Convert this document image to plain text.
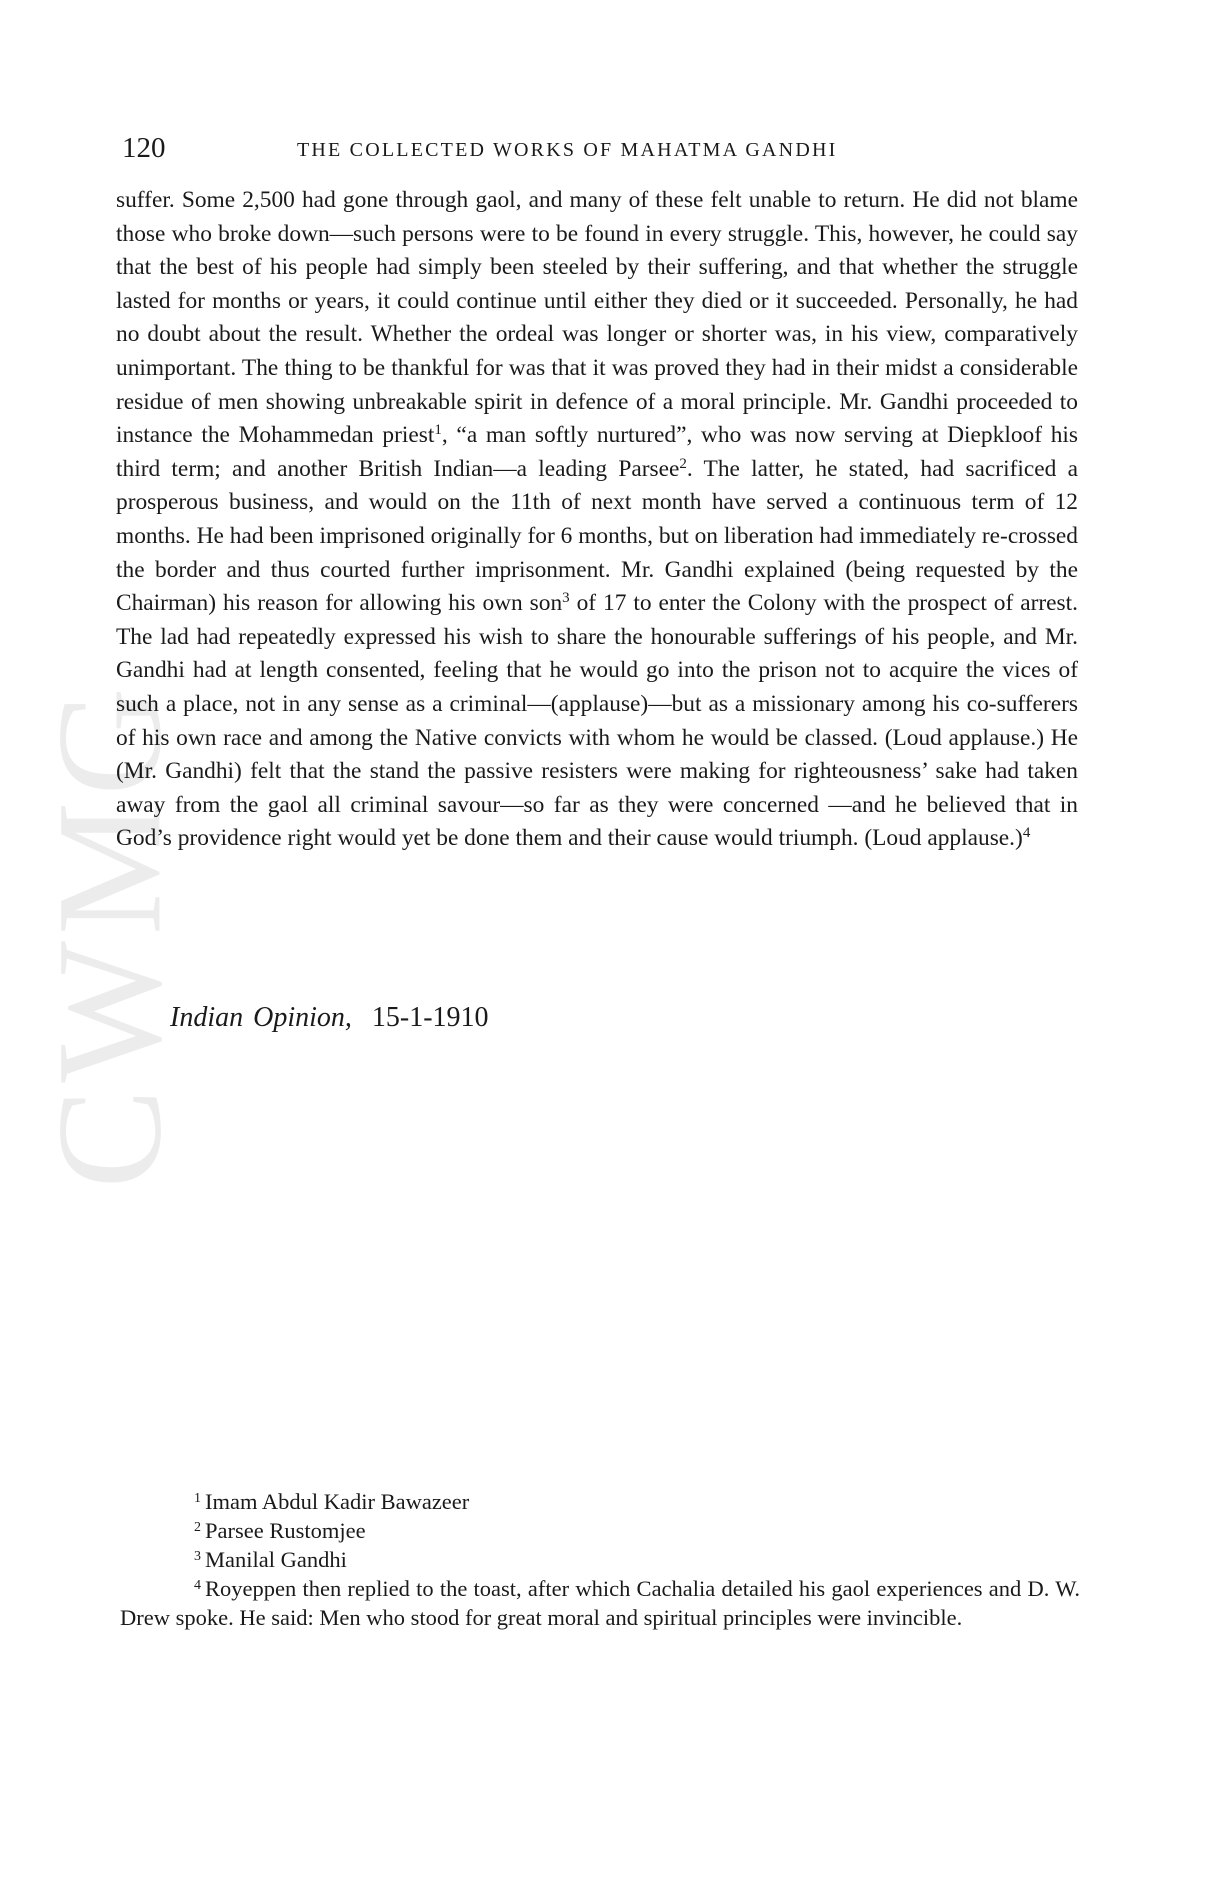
CWMG
120	THE COLLECTED WORKS OF MAHATMA GANDHI

suffer. Some 2,500 had gone through gaol, and many of these felt unable to return. He did not blame those who broke down—such persons were to be found in every struggle. This, however, he could say that the best of his people had simply been steeled by their suffering, and that whether the struggle lasted for months or years, it could continue until either they died or it succeeded. Personally, he had no doubt about the result. Whether the ordeal was longer or shorter was, in his view, comparatively unimportant. The thing to be thankful for was that it was proved they had in their midst a considerable residue of men showing unbreakable spirit in defence of a moral principle. Mr. Gandhi proceeded to instance the Mohammedan priest$^1$, “a man softly nurtured”, who was now serving at Diepkloof his third term; and another British Indian—a leading Parsee$^2$. The latter, he stated, had sacrificed a prosperous business, and would on the 11th of next month have served a continuous term of 12 months. He had been imprisoned originally for 6 months, but on liberation had immediately re-crossed the border and thus courted further imprisonment. Mr. Gandhi explained (being requested by the Chairman) his reason for allowing his own son$^3$ of 17 to enter the Colony with the prospect of arrest. The lad had repeatedly expressed his wish to share the honourable sufferings of his people, and Mr. Gandhi had at length consented, feeling that he would go into the prison not to acquire the vices of such a place, not in any sense as a criminal—(applause)—but as a missionary among his co-sufferers of his own race and among the Native convicts with whom he would be classed. (Loud applause.) He (Mr. Gandhi) felt that the stand the passive resisters were making for righteousness’ sake had taken away from the gaol all criminal savour—so far as they were concerned —and he believed that in God’s providence right would yet be done them and their cause would triumph. (Loud applause.)$^4$

Indian Opinion, 15-1-1910

$^1$ Imam Abdul Kadir Bawazeer

$^2$ Parsee Rustomjee

$^3$ Manilal Gandhi

$^4$ Royeppen then replied to the toast, after which Cachalia detailed his gaol experiences and D. W. Drew spoke. He said: Men who stood for great moral and spiritual principles were invincible.
